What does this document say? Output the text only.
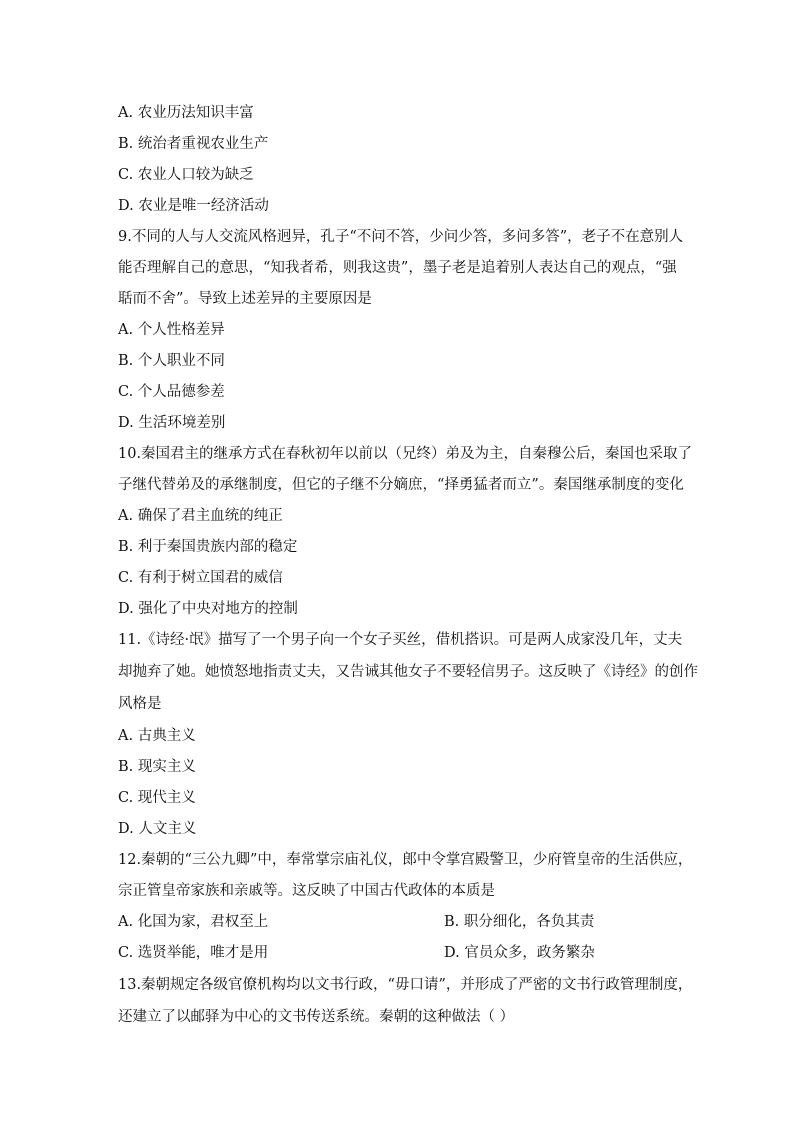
A. 农业历法知识丰富
B. 统治者重视农业生产
C. 农业人口较为缺乏
D. 农业是唯一经济活动
9.不同的人与人交流风格迥异，孔子“不问不答，少问少答，多问多答”，老子不在意别人
能否理解自己的意思，“知我者希，则我这贵”，墨子老是追着别人表达自己的观点，“强
聒而不舍”。导致上述差异的主要原因是
A. 个人性格差异
B. 个人职业不同
C. 个人品德参差
D. 生活环境差别
10.秦国君主的继承方式在春秋初年以前以（兄终）弟及为主，自秦穆公后，秦国也采取了
子继代替弟及的承继制度，但它的子继不分嫡庶，“择勇猛者而立”。秦国继承制度的变化
A. 确保了君主血统的纯正
B. 利于秦国贵族内部的稳定
C. 有利于树立国君的威信
D. 强化了中央对地方的控制
11.《诗经·氓》描写了一个男子向一个女子买丝，借机搭识。可是两人成家没几年，丈夫
却抛弃了她。她愤怒地指责丈夫，又告诫其他女子不要轻信男子。这反映了《诗经》的创作
风格是
A. 古典主义
B. 现实主义
C. 现代主义
D. 人文主义
12.秦朝的“三公九卿”中，奉常掌宗庙礼仪，郎中令掌宫殿警卫，少府管皇帝的生活供应，
宗正管皇帝家族和亲戚等。这反映了中国古代政体的本质是
A. 化国为家，君权至上	B. 职分细化，各负其责
C. 选贤举能，唯才是用	D. 官员众多，政务繁杂
13.秦朝规定各级官僚机构均以文书行政，“毋口请”，并形成了严密的文书行政管理制度，
还建立了以邮驿为中心的文书传送系统。秦朝的这种做法（ ）
